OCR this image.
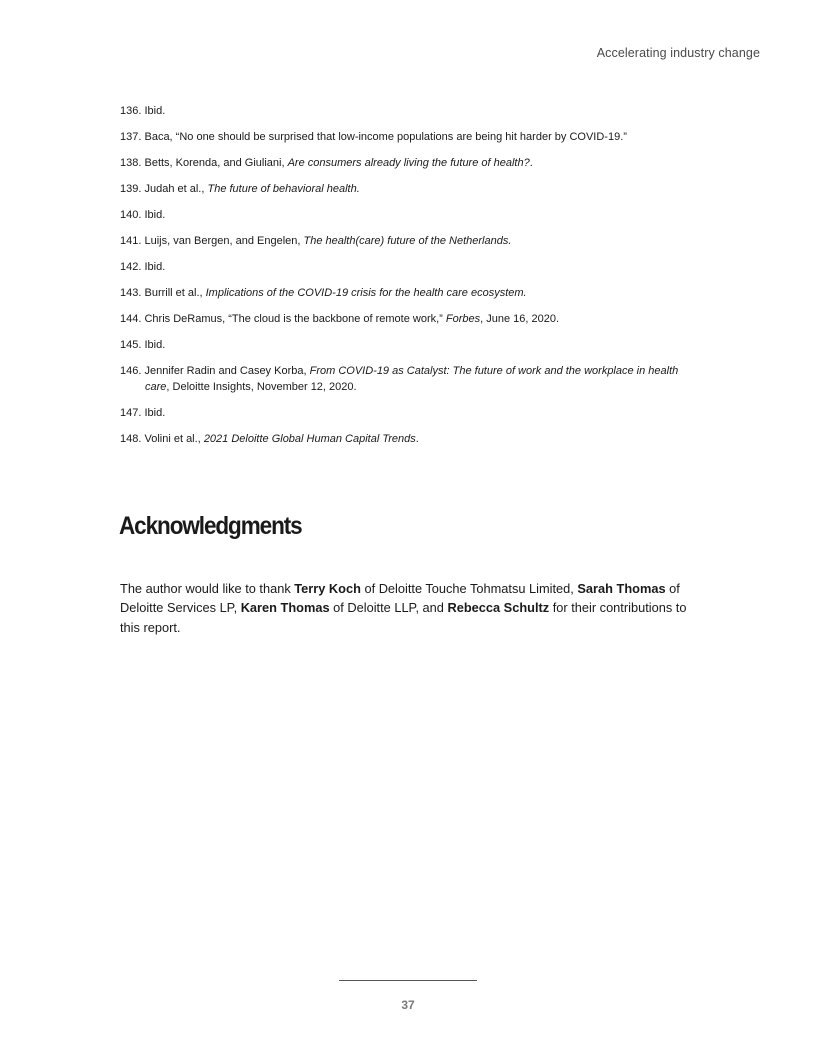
Accelerating industry change
136. Ibid.
137. Baca, “No one should be surprised that low-income populations are being hit harder by COVID-19.”
138. Betts, Korenda, and Giuliani, Are consumers already living the future of health?.
139. Judah et al., The future of behavioral health.
140. Ibid.
141. Luijs, van Bergen, and Engelen, The health(care) future of the Netherlands.
142. Ibid.
143. Burrill et al., Implications of the COVID-19 crisis for the health care ecosystem.
144. Chris DeRamus, “The cloud is the backbone of remote work,” Forbes, June 16, 2020.
145. Ibid.
146. Jennifer Radin and Casey Korba, From COVID-19 as Catalyst: The future of work and the workplace in health care, Deloitte Insights, November 12, 2020.
147. Ibid.
148. Volini et al., 2021 Deloitte Global Human Capital Trends.
Acknowledgments

The author would like to thank Terry Koch of Deloitte Touche Tohmatsu Limited, Sarah Thomas of Deloitte Services LP, Karen Thomas of Deloitte LLP, and Rebecca Schultz for their contributions to this report.

37
